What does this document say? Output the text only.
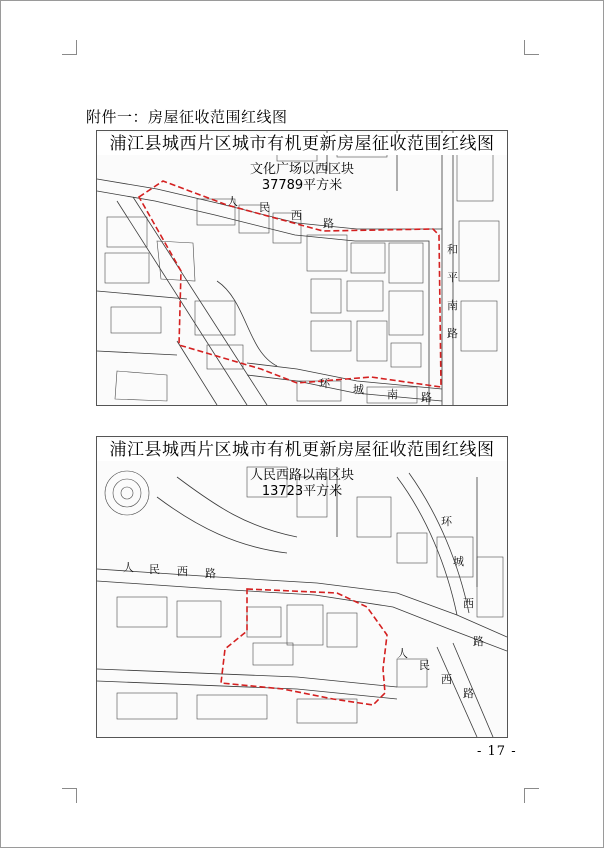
附件一：房屋征收范围红线图
浦江县城西片区城市有机更新房屋征收范围红线图
文化广场以西区块
37789平方米
人 民
西
路
和
平
南
路
环 城 南 路
浦江县城西片区城市有机更新房屋征收范围红线图
人民西路以南区块
13723平方米
人 民 西 路
环
城
西
路
人
民
西
路
- 17 -
